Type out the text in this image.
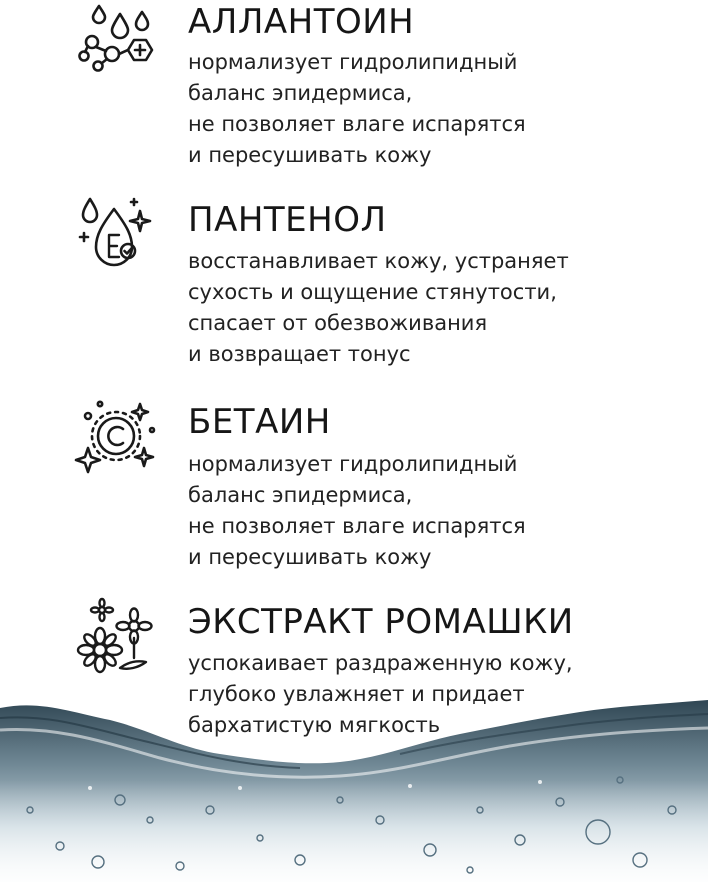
АЛЛАНТОИН
нормализует гидролипидный
баланс эпидермиса,
не позволяет влаге испарятся
и пересушивать кожу
ПАНТЕНОЛ
восстанавливает кожу, устраняет
сухость и ощущение стянутости,
спасает от обезвоживания
и возвращает тонус
БЕТАИН
нормализует гидролипидный
баланс эпидермиса,
не позволяет влаге испарятся
и пересушивать кожу
ЭКСТРАКТ РОМАШКИ
успокаивает раздраженную кожу,
глубоко увлажняет и придает
бархатистую мягкость
